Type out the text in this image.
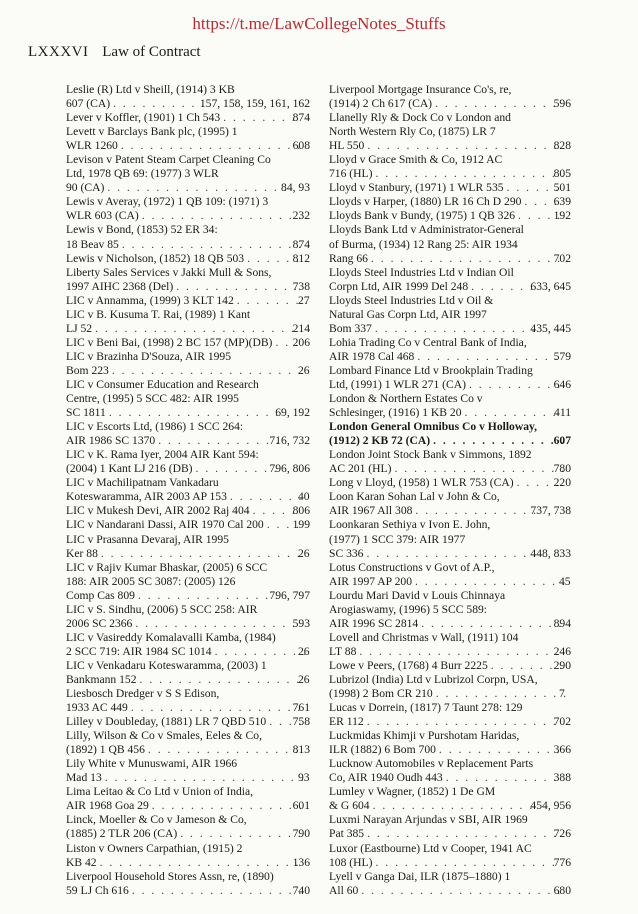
https://t.me/LawCollegeNotes_Stuffs
LXXXVI Law of Contract
Leslie (R) Ltd v Sheill, (1914) 3 KB
607 (CA) . . .	157, 158, 159, 161, 162
Lever v Koffler, (1901) 1 Ch 543 . . .	874
Levett v Barclays Bank plc, (1995) 1
WLR 1260 . . .	608
Levison v Patent Steam Carpet Cleaning Co
Ltd, 1978 QB 69: (1977) 3 WLR
90 (CA) . . .	84, 93
Lewis v Averay, (1972) 1 QB 109: (1971) 3
WLR 603 (CA) . . .	232
Lewis v Bond, (1853) 52 ER 34:
18 Beav 85 . . .	874
Lewis v Nicholson, (1852) 18 QB 503 . . .	812
Liberty Sales Services v Jakki Mull & Sons,
1997 AIHC 2368 (Del) . . .	738
LIC v Annamma, (1999) 3 KLT 142 . . .	27
LIC v B. Kusuma T. Rai, (1989) 1 Kant
LJ 52 . . .	214
LIC v Beni Bai, (1998) 2 BC 157 (MP)(DB) . . . 206
LIC v Brazinha D'Souza, AIR 1995
Bom 223 . . .	26
LIC v Consumer Education and Research
Centre, (1995) 5 SCC 482: AIR 1995
SC 1811 . . .	69, 192
LIC v Escorts Ltd, (1986) 1 SCC 264:
AIR 1986 SC 1370 . . .	716, 732
LIC v K. Rama Iyer, 2004 AIR Kant 594:
(2004) 1 Kant LJ 216 (DB) . . .	796, 806
LIC v Machilipatnam Vankadaru
Koteswaramma, AIR 2003 AP 153 . . .	40
LIC v Mukesh Devi, AIR 2002 Raj 404 . . .	806
LIC v Nandarani Dassi, AIR 1970 Cal 200 . . . 199
LIC v Prasanna Devaraj, AIR 1995
Ker 88 . . .	26
LIC v Rajiv Kumar Bhaskar, (2005) 6 SCC
188: AIR 2005 SC 3087: (2005) 126
Comp Cas 809 . . .	796, 797
LIC v S. Sindhu, (2006) 5 SCC 258: AIR
2006 SC 2366 . . .	593
LIC v Vasireddy Komalavalli Kamba, (1984)
2 SCC 719: AIR 1984 SC 1014 . . .	26
LIC v Venkadaru Koteswaramma, (2003) 1
Bankmann 152 . . .	26
Liesbosch Dredger v S S Edison,
1933 AC 449 . . .	761
Lilley v Doubleday, (1881) LR 7 QBD 510 . . . 758
Lilly, Wilson & Co v Smales, Eeles & Co,
(1892) 1 QB 456 . . .	813
Lily White v Munuswami, AIR 1966
Mad 13 . . .	93
Lima Leitao & Co Ltd v Union of India,
AIR 1968 Goa 29 . . .	601
Linck, Moeller & Co v Jameson & Co,
(1885) 2 TLR 206 (CA) . . .	790
Liston v Owners Carpathian, (1915) 2
KB 42 . . .	136
Liverpool Household Stores Assn, re, (1890)
59 LJ Ch 616 . . .	740
Liverpool Mortgage Insurance Co's, re,
(1914) 2 Ch 617 (CA) . . .	596
Llanelly Rly & Dock Co v London and
North Western Rly Co, (1875) LR 7
HL 550 . . .	828
Lloyd v Grace Smith & Co, 1912 AC
716 (HL) . . .	805
Lloyd v Stanbury, (1971) 1 WLR 535 . . .	501
Lloyds v Harper, (1880) LR 16 Ch D 290 . . .	639
Lloyds Bank v Bundy, (1975) 1 QB 326 . . .	192
Lloyds Bank Ltd v Administrator-General
of Burma, (1934) 12 Rang 25: AIR 1934
Rang 66 . . .	702
Lloyds Steel Industries Ltd v Indian Oil
Corpn Ltd, AIR 1999 Del 248 . . .	633, 645
Lloyds Steel Industries Ltd v Oil &
Natural Gas Corpn Ltd, AIR 1997
Bom 337 . . .	435, 445
Lohia Trading Co v Central Bank of India,
AIR 1978 Cal 468 . . .	579
Lombard Finance Ltd v Brookplain Trading
Ltd, (1991) 1 WLR 271 (CA) . . .	646
London & Northern Estates Co v
Schlesinger, (1916) 1 KB 20 . . .	411
London General Omnibus Co v Holloway,
(1912) 2 KB 72 (CA) . . .	607
London Joint Stock Bank v Simmons, 1892
AC 201 (HL) . . .	780
Long v Lloyd, (1958) 1 WLR 753 (CA) . . .	220
Loon Karan Sohan Lal v John & Co,
AIR 1967 All 308 . . .	737, 738
Loonkaran Sethiya v Ivon E. John,
(1977) 1 SCC 379: AIR 1977
SC 336 . . .	448, 833
Lotus Constructions v Govt of A.P.,
AIR 1997 AP 200 . . .	45
Lourdu Mari David v Louis Chinnaya
Arogiaswamy, (1996) 5 SCC 589:
AIR 1996 SC 2814 . . .	894
Lovell and Christmas v Wall, (1911) 104
LT 88 . . .	246
Lowe v Peers, (1768) 4 Burr 2225 . . .	290
Lubrizol (India) Ltd v Lubrizol Corpn, USA,
(1998) 2 Bom CR 210 . . .	7
Lucas v Dorrein, (1817) 7 Taunt 278: 129
ER 112 . . .	702
Luckmidas Khimji v Purshotam Haridas,
ILR (1882) 6 Bom 700 . . .	366
Lucknow Automobiles v Replacement Parts
Co, AIR 1940 Oudh 443 . . .	388
Lumley v Wagner, (1852) 1 De GM
& G 604 . . .	454, 956
Luxmi Narayan Arjundas v SBI, AIR 1969
Pat 385 . . .	726
Luxor (Eastbourne) Ltd v Cooper, 1941 AC
108 (HL) . . .	776
Lyell v Ganga Dai, ILR (1875–1880) 1
All 60 . . .	680
